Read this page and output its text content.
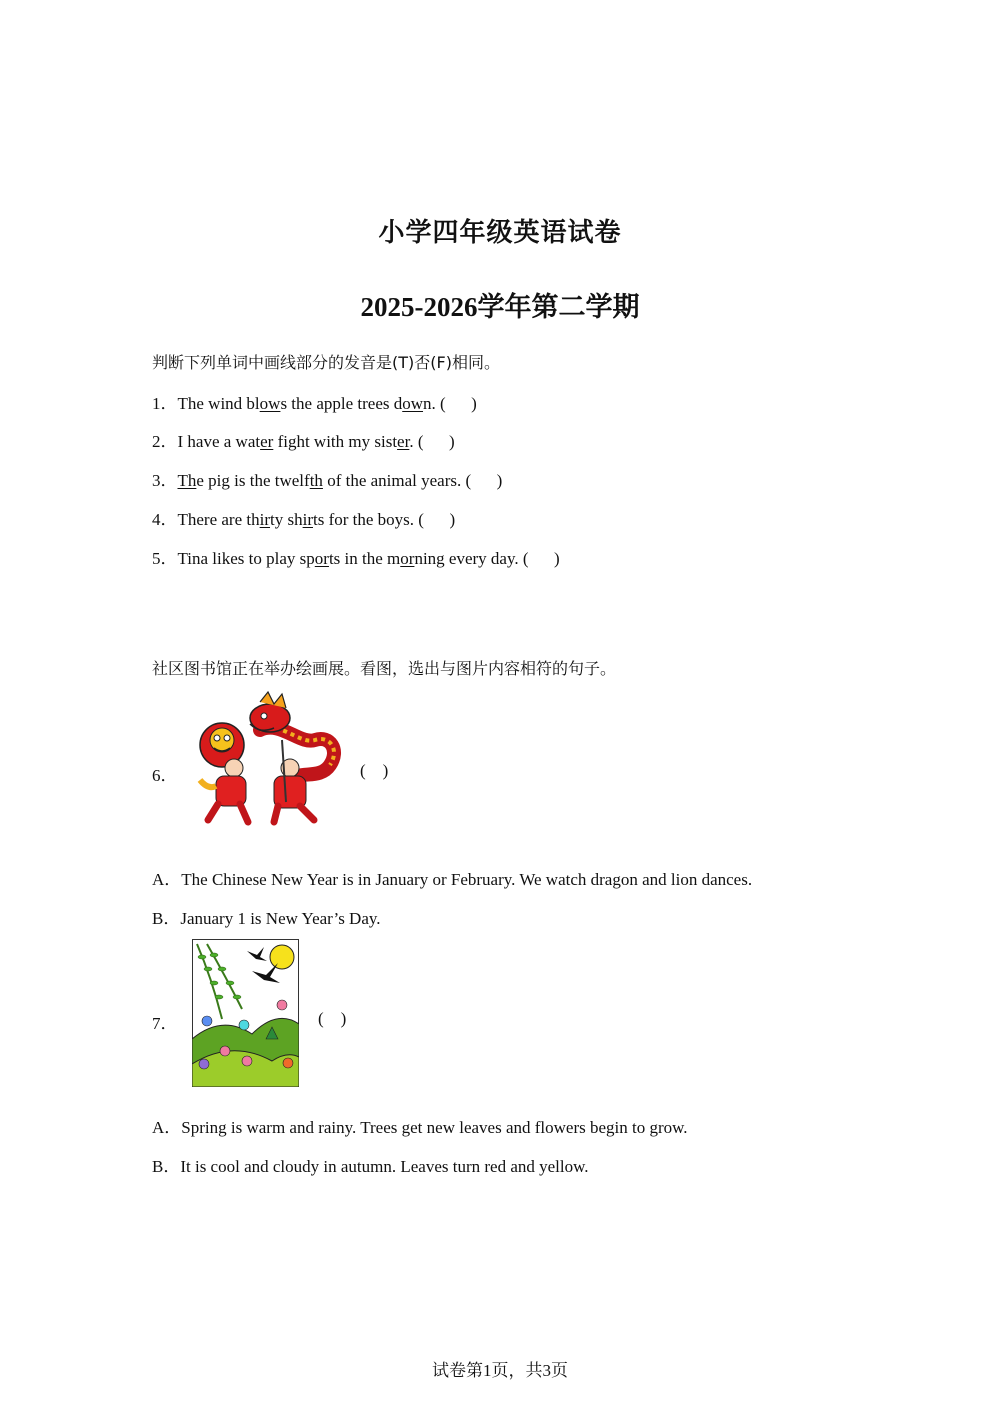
小学四年级英语试卷
2025-2026学年第二学期
判断下列单词中画线部分的发音是(T)否(F)相同。
1．The wind blows the apple trees down. (      )
2．I have a water fight with my sister. (      )
3．The pig is the twelfth of the animal years. (      )
4．There are thirty shirts for the boys. (      )
5．Tina likes to play sports in the morning every day. (      )
社区图书馆正在举办绘画展。看图，选出与图片内容相符的句子。
6．	(    )
A．The Chinese New Year is in January or February. We watch dragon and lion dances.
B．January 1 is New Year’s Day.
7．	(    )
A．Spring is warm and rainy. Trees get new leaves and flowers begin to grow.
B．It is cool and cloudy in autumn. Leaves turn red and yellow.
试卷第1页，共3页
